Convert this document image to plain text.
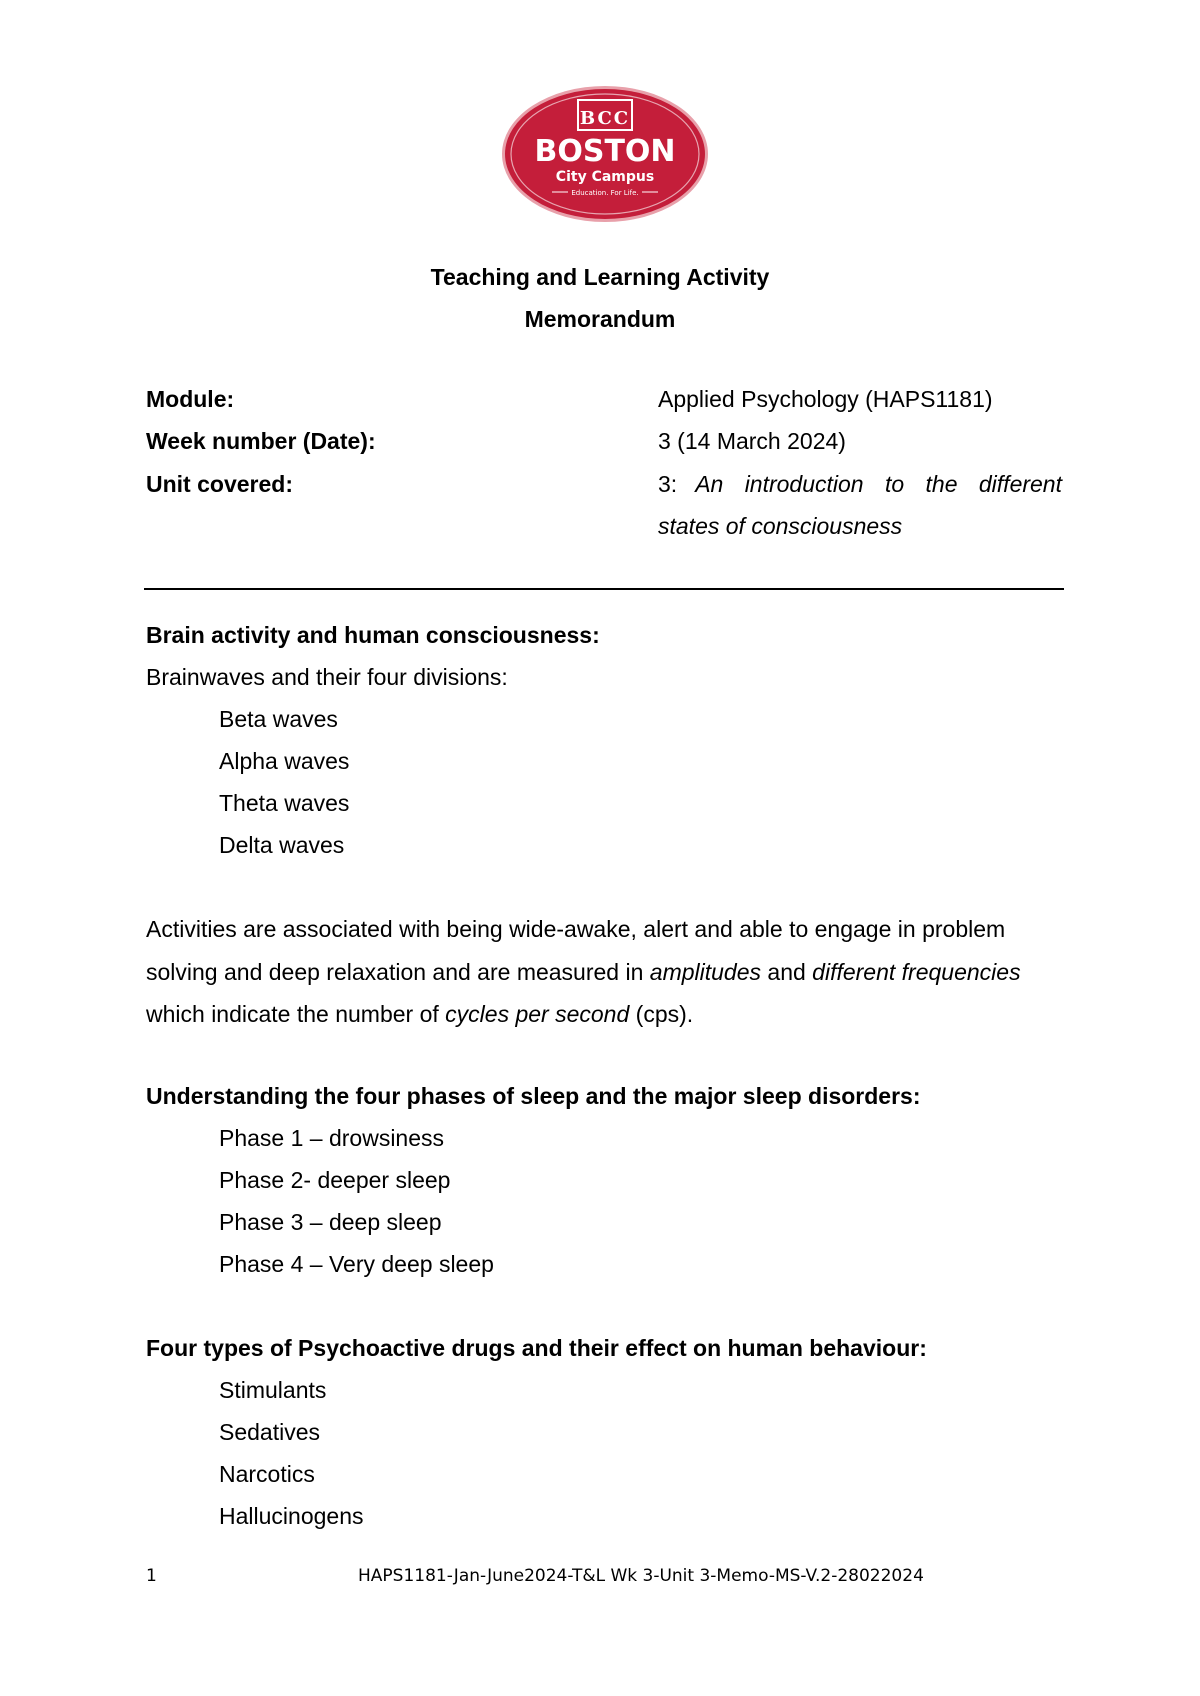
BCC
BOSTON
City Campus
Education. For Life.
Teaching and Learning Activity
Memorandum
Module:	Applied Psychology (HAPS1181)
Week number (Date):	3 (14 March 2024)
Unit covered:	3: An introduction to the different
states of consciousness
Brain activity and human consciousness:
Brainwaves and their four divisions:
Beta waves
Alpha waves
Theta waves
Delta waves
Activities are associated with being wide-awake, alert and able to engage in problem solving and deep relaxation and are measured in amplitudes and different frequencies which indicate the number of cycles per second (cps).
Understanding the four phases of sleep and the major sleep disorders:
Phase 1 – drowsiness
Phase 2- deeper sleep
Phase 3 – deep sleep
Phase 4 – Very deep sleep
Four types of Psychoactive drugs and their effect on human behaviour:
Stimulants
Sedatives
Narcotics
Hallucinogens
1	HAPS1181-Jan-June2024-T&L Wk 3-Unit 3-Memo-MS-V.2-28022024
